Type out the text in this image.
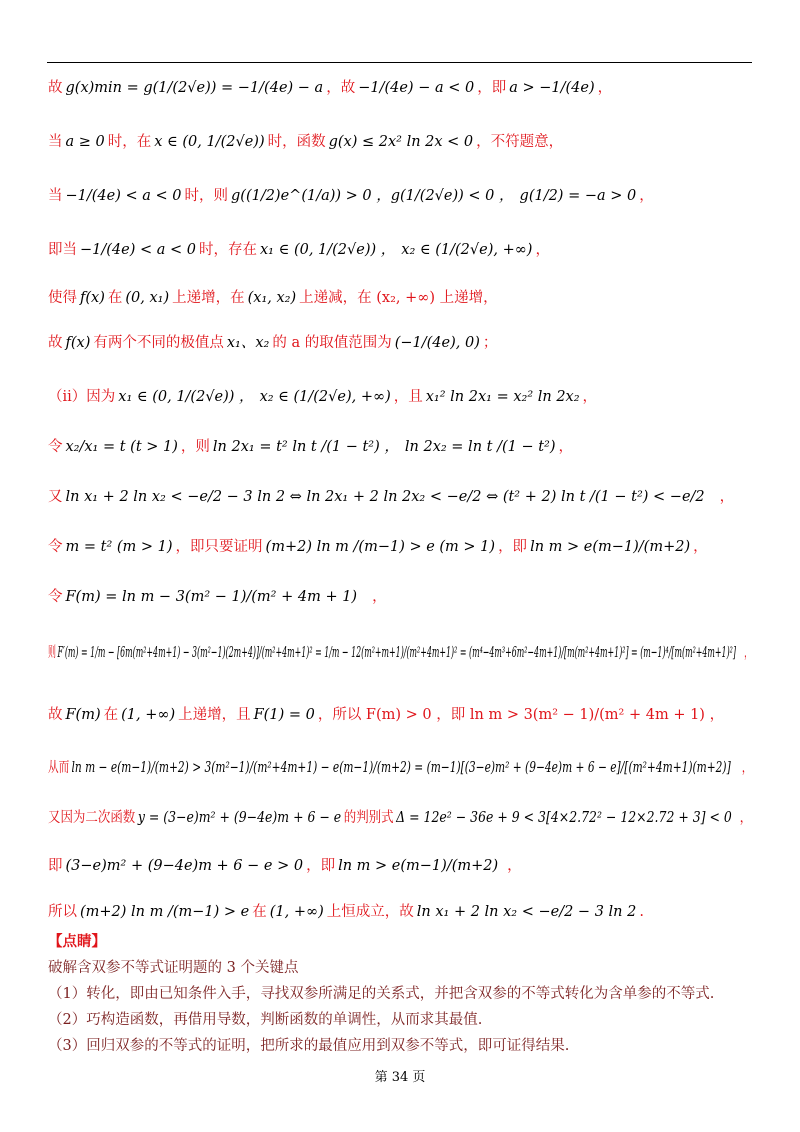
故 g(x)min = g(1/(2√e)) = −1/(4e) − a ，故 −1/(4e) − a < 0 ，即 a > −1/(4e) ，
当 a ≥ 0 时，在 x ∈ (0, 1/(2√e)) 时，函数 g(x) ≤ 2x² ln 2x < 0 ，不符题意，
当 −1/(4e) < a < 0 时，则 g((1/2)e^(1/a)) > 0 ，g(1/(2√e)) < 0 ， g(1/2) = −a > 0 ，
即当 −1/(4e) < a < 0 时，存在 x₁ ∈ (0, 1/(2√e)) ， x₂ ∈ (1/(2√e), +∞) ，
使得 f(x) 在 (0, x₁) 上递增，在 (x₁, x₂) 上递减，在 (x₂, +∞) 上递增，
故 f(x) 有两个不同的极值点 x₁、x₂ 的 a 的取值范围为 (−1/(4e), 0) ；
（ii）因为 x₁ ∈ (0, 1/(2√e)) ， x₂ ∈ (1/(2√e), +∞) ，且 x₁² ln 2x₁ = x₂² ln 2x₂ ，
令 x₂/x₁ = t (t > 1) ，则 ln 2x₁ = t² ln t /(1 − t²) ， ln 2x₂ = ln t /(1 − t²) ，
又 ln x₁ + 2 ln x₂ < −e/2 − 3 ln 2 ⇔ ln 2x₁ + 2 ln 2x₂ < −e/2 ⇔ (t² + 2) ln t /(1 − t²) < −e/2 ，
令 m = t² (m > 1) ，即只要证明 (m+2) ln m /(m−1) > e (m > 1) ，即 ln m > e(m−1)/(m+2) ，
令 F(m) = ln m − 3(m² − 1)/(m² + 4m + 1) ，
则 F′(m) = 1/m − [6m(m²+4m+1) − 3(m²−1)(2m+4)]/(m²+4m+1)² = 1/m − 12(m²+m+1)/(m²+4m+1)² = (m⁴−4m³+6m²−4m+1)/[m(m²+4m+1)²] = (m−1)⁴/[m(m²+4m+1)²] ，
故 F(m) 在 (1, +∞) 上递增，且 F(1) = 0 ，所以 F(m) > 0 ，即 ln m > 3(m² − 1)/(m² + 4m + 1) ，
从而 ln m − e(m−1)/(m+2) > 3(m²−1)/(m²+4m+1) − e(m−1)/(m+2) = (m−1)[(3−e)m² + (9−4e)m + 6 − e]/[(m²+4m+1)(m+2)] ，
又因为二次函数 y = (3−e)m² + (9−4e)m + 6 − e 的判别式 Δ = 12e² − 36e + 9 < 3[4×2.72² − 12×2.72 + 3] < 0 ，
即 (3−e)m² + (9−4e)m + 6 − e > 0 ，即 ln m > e(m−1)/(m+2) ，
所以 (m+2) ln m /(m−1) > e 在 (1, +∞) 上恒成立，故 ln x₁ + 2 ln x₂ < −e/2 − 3 ln 2 .
【点睛】
破解含双参不等式证明题的 3 个关键点
（1）转化，即由已知条件入手，寻找双参所满足的关系式，并把含双参的不等式转化为含单参的不等式.
（2）巧构造函数，再借用导数，判断函数的单调性，从而求其最值.
（3）回归双参的不等式的证明，把所求的最值应用到双参不等式，即可证得结果.
第 34 页
